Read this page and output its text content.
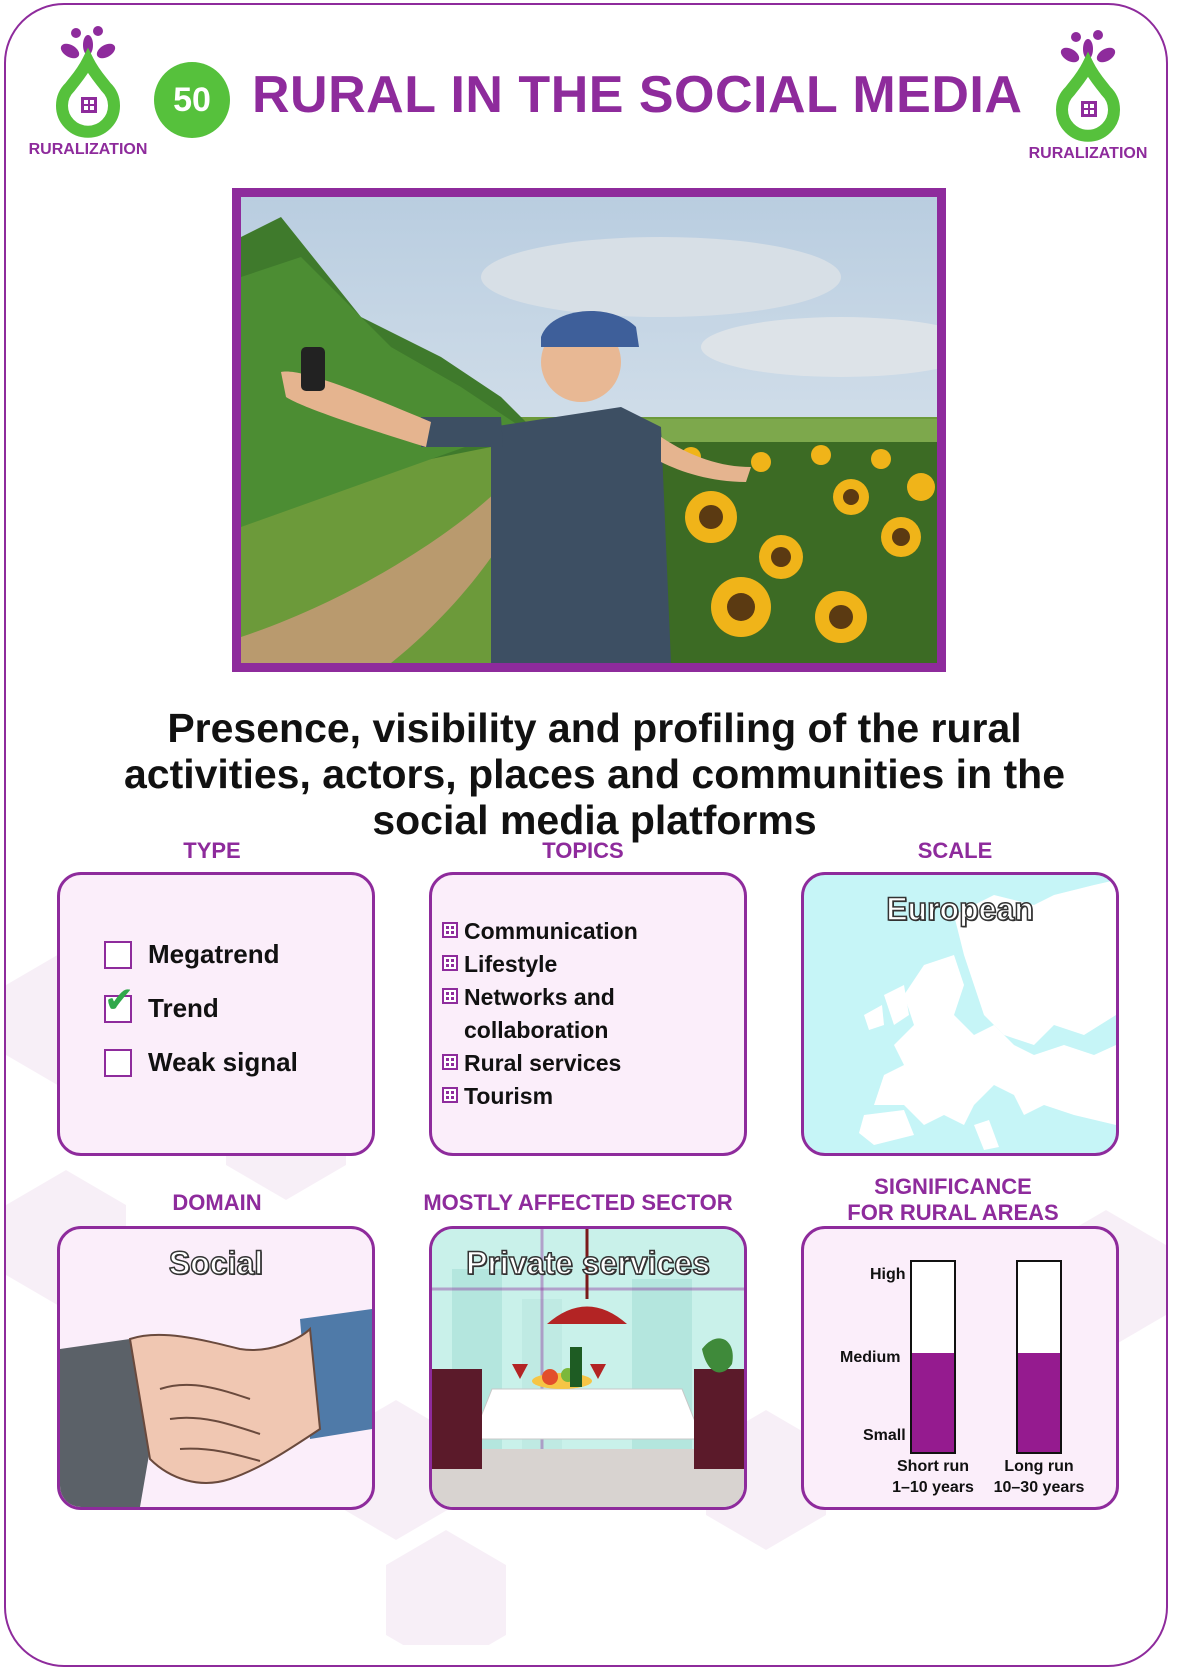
RURALIZATION
50 RURAL IN THE SOCIAL MEDIA
RURALIZATION
Presence, visibility and profiling of the rural activities, actors, places and communities in the social media platforms
TYPE
Megatrend
✔ Trend
Weak signal
TOPICS
Communication
Lifestyle
Networks and collaboration
Rural services
Tourism
SCALE
European
DOMAIN
Social
MOSTLY AFFECTED SECTOR
Private services
SIGNIFICANCE
FOR RURAL AREAS
High
Medium
Small
Short run
1–10 years
Long run
10–30 years
